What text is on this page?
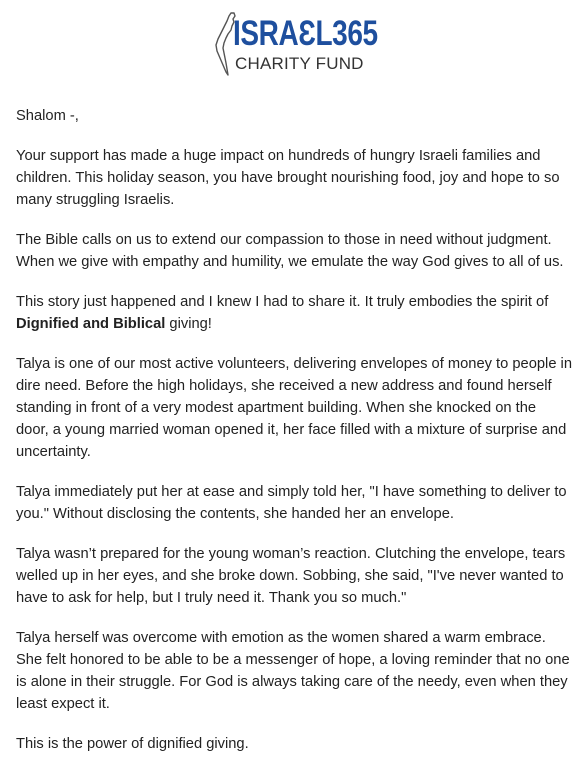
ISRAƐL365
CHARITY FUND

Shalom -,

Your support has made a huge impact on hundreds of hungry Israeli families and children. This holiday season, you have brought nourishing food, joy and hope to so many struggling Israelis.

The Bible calls on us to extend our compassion to those in need without judgment. When we give with empathy and humility, we emulate the way God gives to all of us.

This story just happened and I knew I had to share it. It truly embodies the spirit of Dignified and Biblical giving!

Talya is one of our most active volunteers, delivering envelopes of money to people in dire need. Before the high holidays, she received a new address and found herself standing in front of a very modest apartment building. When she knocked on the door, a young married woman opened it, her face filled with a mixture of surprise and uncertainty.

Talya immediately put her at ease and simply told her, "I have something to deliver to you." Without disclosing the contents, she handed her an envelope.

Talya wasn’t prepared for the young woman’s reaction. Clutching the envelope, tears welled up in her eyes, and she broke down. Sobbing, she said, "I've never wanted to have to ask for help, but I truly need it. Thank you so much."

Talya herself was overcome with emotion as the women shared a warm embrace. She felt honored to be able to be a messenger of hope, a loving reminder that no one is alone in their struggle. For God is always taking care of the needy, even when they least expect it.

This is the power of dignified giving.
